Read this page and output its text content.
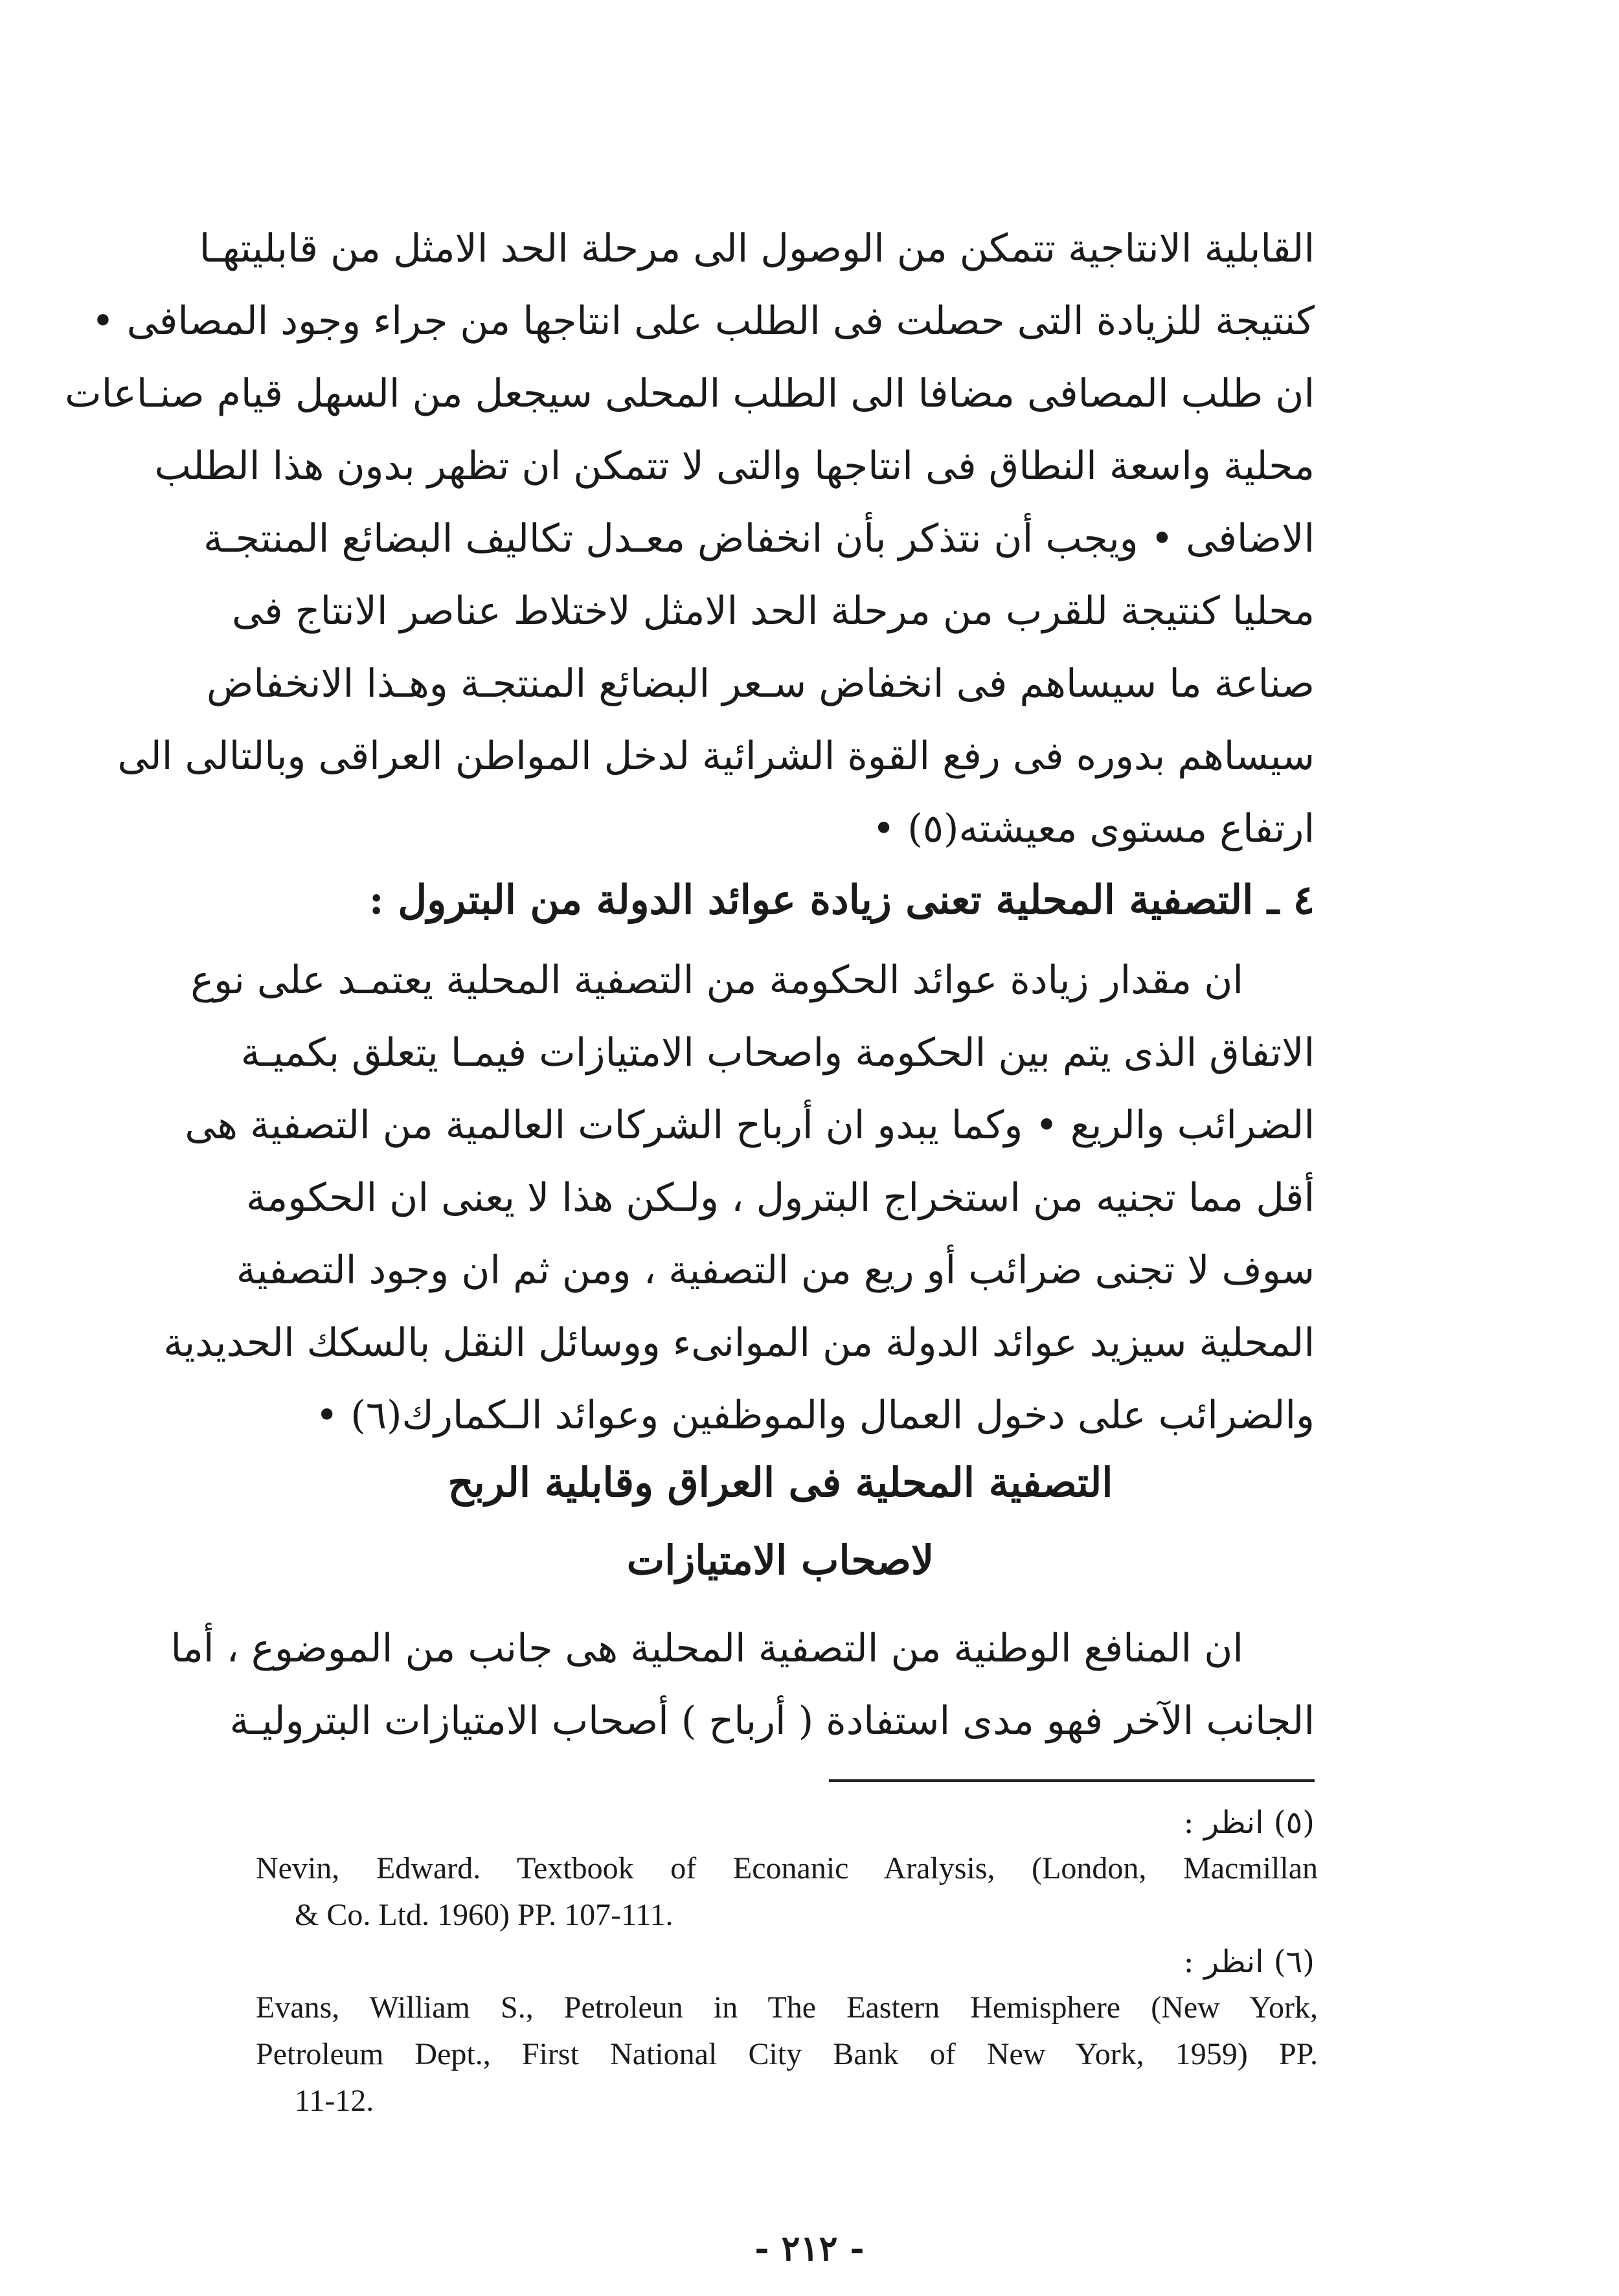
القابلية الانتاجية تتمكن من الوصول الى مرحلة الحد الامثل من قابليتهـا
كنتيجة للزيادة التى حصلت فى الطلب على انتاجها من جراء وجود المصافى •
ان طلب المصافى مضافا الى الطلب المحلى سيجعل من السهل قيام صنـاعات
محلية واسعة النطاق فى انتاجها والتى لا تتمكن ان تظهر بدون هذا الطلب
الاضافى • ويجب أن نتذكر بأن انخفاض معـدل تكاليف البضائع المنتجـة
محليا كنتيجة للقرب من مرحلة الحد الامثل لاختلاط عناصر الانتاج فى
صناعة ما سيساهم فى انخفاض سـعر البضائع المنتجـة وهـذا الانخفاض
سيساهم بدوره فى رفع القوة الشرائية لدخل المواطن العراقى وبالتالى الى
ارتفاع مستوى معيشته(٥) •
٤ ـ التصفية المحلية تعنى زيادة عوائد الدولة من البترول :
ان مقدار زيادة عوائد الحكومة من التصفية المحلية يعتمـد على نوع
الاتفاق الذى يتم بين الحكومة واصحاب الامتيازات فيمـا يتعلق بكميـة
الضرائب والريع • وكما يبدو ان أرباح الشركات العالمية من التصفية هى
أقل مما تجنيه من استخراج البترول ، ولـكن هذا لا يعنى ان الحكومة
سوف لا تجنى ضرائب أو ريع من التصفية ، ومن ثم ان وجود التصفية
المحلية سيزيد عوائد الدولة من الموانىء ووسائل النقل بالسكك الحديدية
والضرائب على دخول العمال والموظفين وعوائد الـكمارك(٦) •
التصفية المحلية فى العراق وقابلية الربح
لاصحاب الامتيازات
ان المنافع الوطنية من التصفية المحلية هى جانب من الموضوع ، أما
الجانب الآخر فهو مدى استفادة ( أرباح ) أصحاب الامتيازات البتروليـة
(٥) انظر :
Nevin, Edward. Textbook of Econanic Aralysis, (London, Macmillan
& Co. Ltd. 1960) PP. 107-111.
(٦) انظر :
Evans, William S., Petroleun in The Eastern Hemisphere (New York,
Petroleum Dept., First National City Bank of New York, 1959) PP.
11-12.
- ٢١٢ -
